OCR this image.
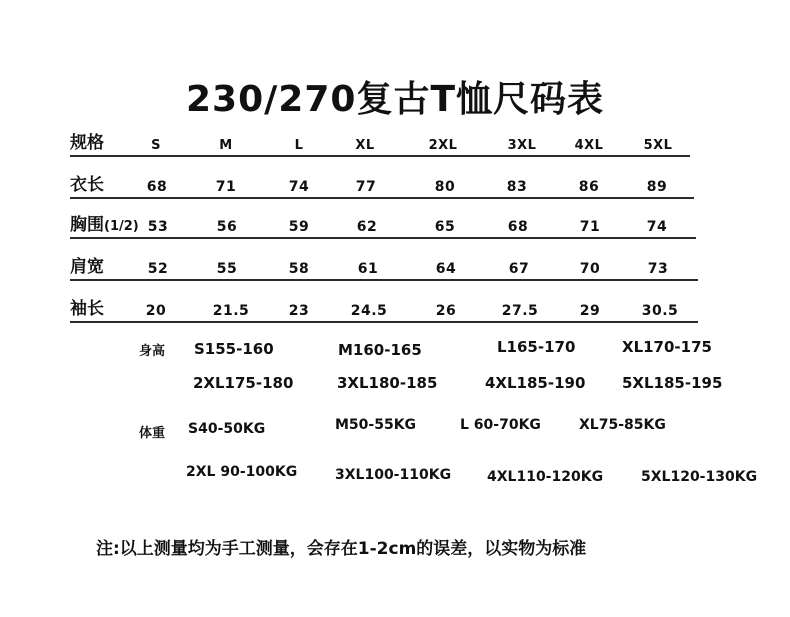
230/270复古T恤尺码表
规格	S	M	L	XL	2XL	3XL	4XL	5XL
衣长	68	71	74	77	80	83	86	89
胸围(1/2) 53	56	59	62	65	68	71	74
肩宽	52	55	58	61	64	67	70	73
袖长	20	21.5	23	24.5	26	27.5	29	30.5
身高 S155-160	M160-165	L165-170	XL170-175
2XL175-180	3XL180-185	4XL185-190 5XL185-195
体重 S40-50KG	M50-55KG	L 60-70KG	XL75-85KG
2XL 90-100KG	3XL100-110KG	4XL110-120KG	5XL120-130KG
注:以上测量均为手工测量，会存在1-2cm的误差，以实物为标准
